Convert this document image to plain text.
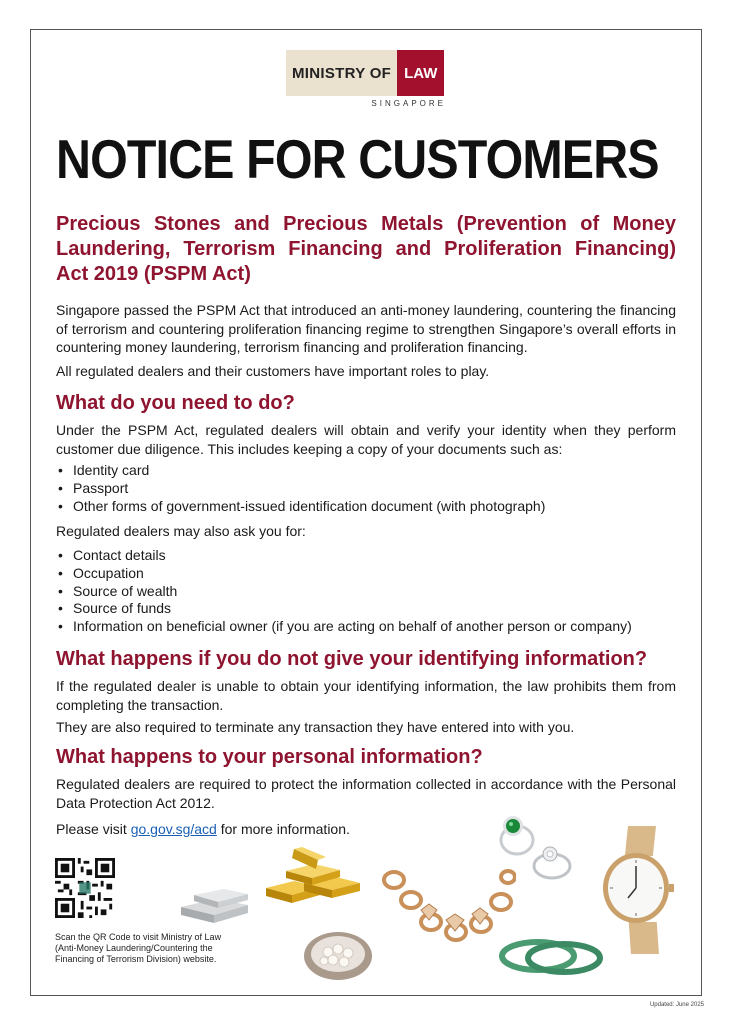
MINISTRY OF LAW
SINGAPORE
NOTICE FOR CUSTOMERS
Precious Stones and Precious Metals (Prevention of Money Laundering, Terrorism Financing and Proliferation Financing) Act 2019 (PSPM Act)
Singapore passed the PSPM Act that introduced an anti-money laundering, countering the financing of terrorism and countering proliferation financing regime to strengthen Singapore’s overall efforts in countering money laundering, terrorism financing and proliferation financing.
All regulated dealers and their customers have important roles to play.
What do you need to do?
Under the PSPM Act, regulated dealers will obtain and verify your identity when they perform customer due diligence. This includes keeping a copy of your documents such as:
• Identity card
• Passport
• Other forms of government-issued identification document (with photograph)
Regulated dealers may also ask you for:
• Contact details
• Occupation
• Source of wealth
• Source of funds
• Information on beneficial owner (if you are acting on behalf of another person or company)
What happens if you do not give your identifying information?
If the regulated dealer is unable to obtain your identifying information, the law prohibits them from completing the transaction.
They are also required to terminate any transaction they have entered into with you.
What happens to your personal information?
Regulated dealers are required to protect the information collected in accordance with the Personal Data Protection Act 2012.
Please visit go.gov.sg/acd for more information.
Scan the QR Code to visit Ministry of Law (Anti-Money Laundering/Countering the Financing of Terrorism Division) website.
Updated: June 2025
